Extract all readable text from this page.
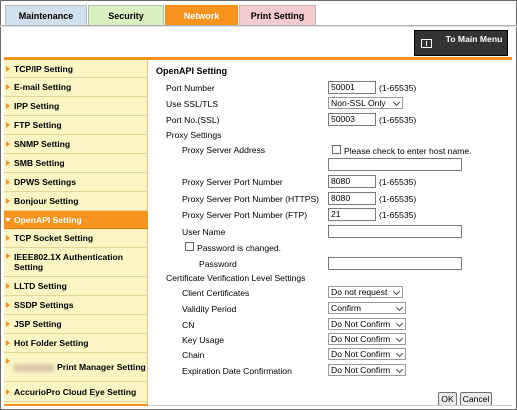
Maintenance	Security	Network	Print Setting
To Main Menu
TCP/IP Setting
E-mail Setting
IPP Setting
FTP Setting
SNMP Setting
SMB Setting
DPWS Settings
Bonjour Setting
OpenAPI Setting
TCP Socket Setting
IEEE802.1X Authentication Setting
LLTD Setting
SSDP Settings
JSP Setting
Hot Folder Setting
Print Manager Setting
AccurioPro Cloud Eye Setting
OpenAPI Setting
Port Number	50001	(1-65535)
Use SSL/TLS	Non-SSL Only
Port No.(SSL)	50003	(1-65535)
Proxy Settings
Proxy Server Address	Please check to enter host name.
Proxy Server Port Number	8080	(1-65535)
Proxy Server Port Number (HTTPS)	8080	(1-65535)
Proxy Server Port Number (FTP)	21	(1-65535)
User Name
Password is changed.
Password
Certificate Verification Level Settings
Client Certificates	Do not request
Validity Period	Confirm
CN	Do Not Confirm
Key Usage	Do Not Confirm
Chain	Do Not Confirm
Expiration Date Confirmation	Do Not Confirm
OK	Cancel
